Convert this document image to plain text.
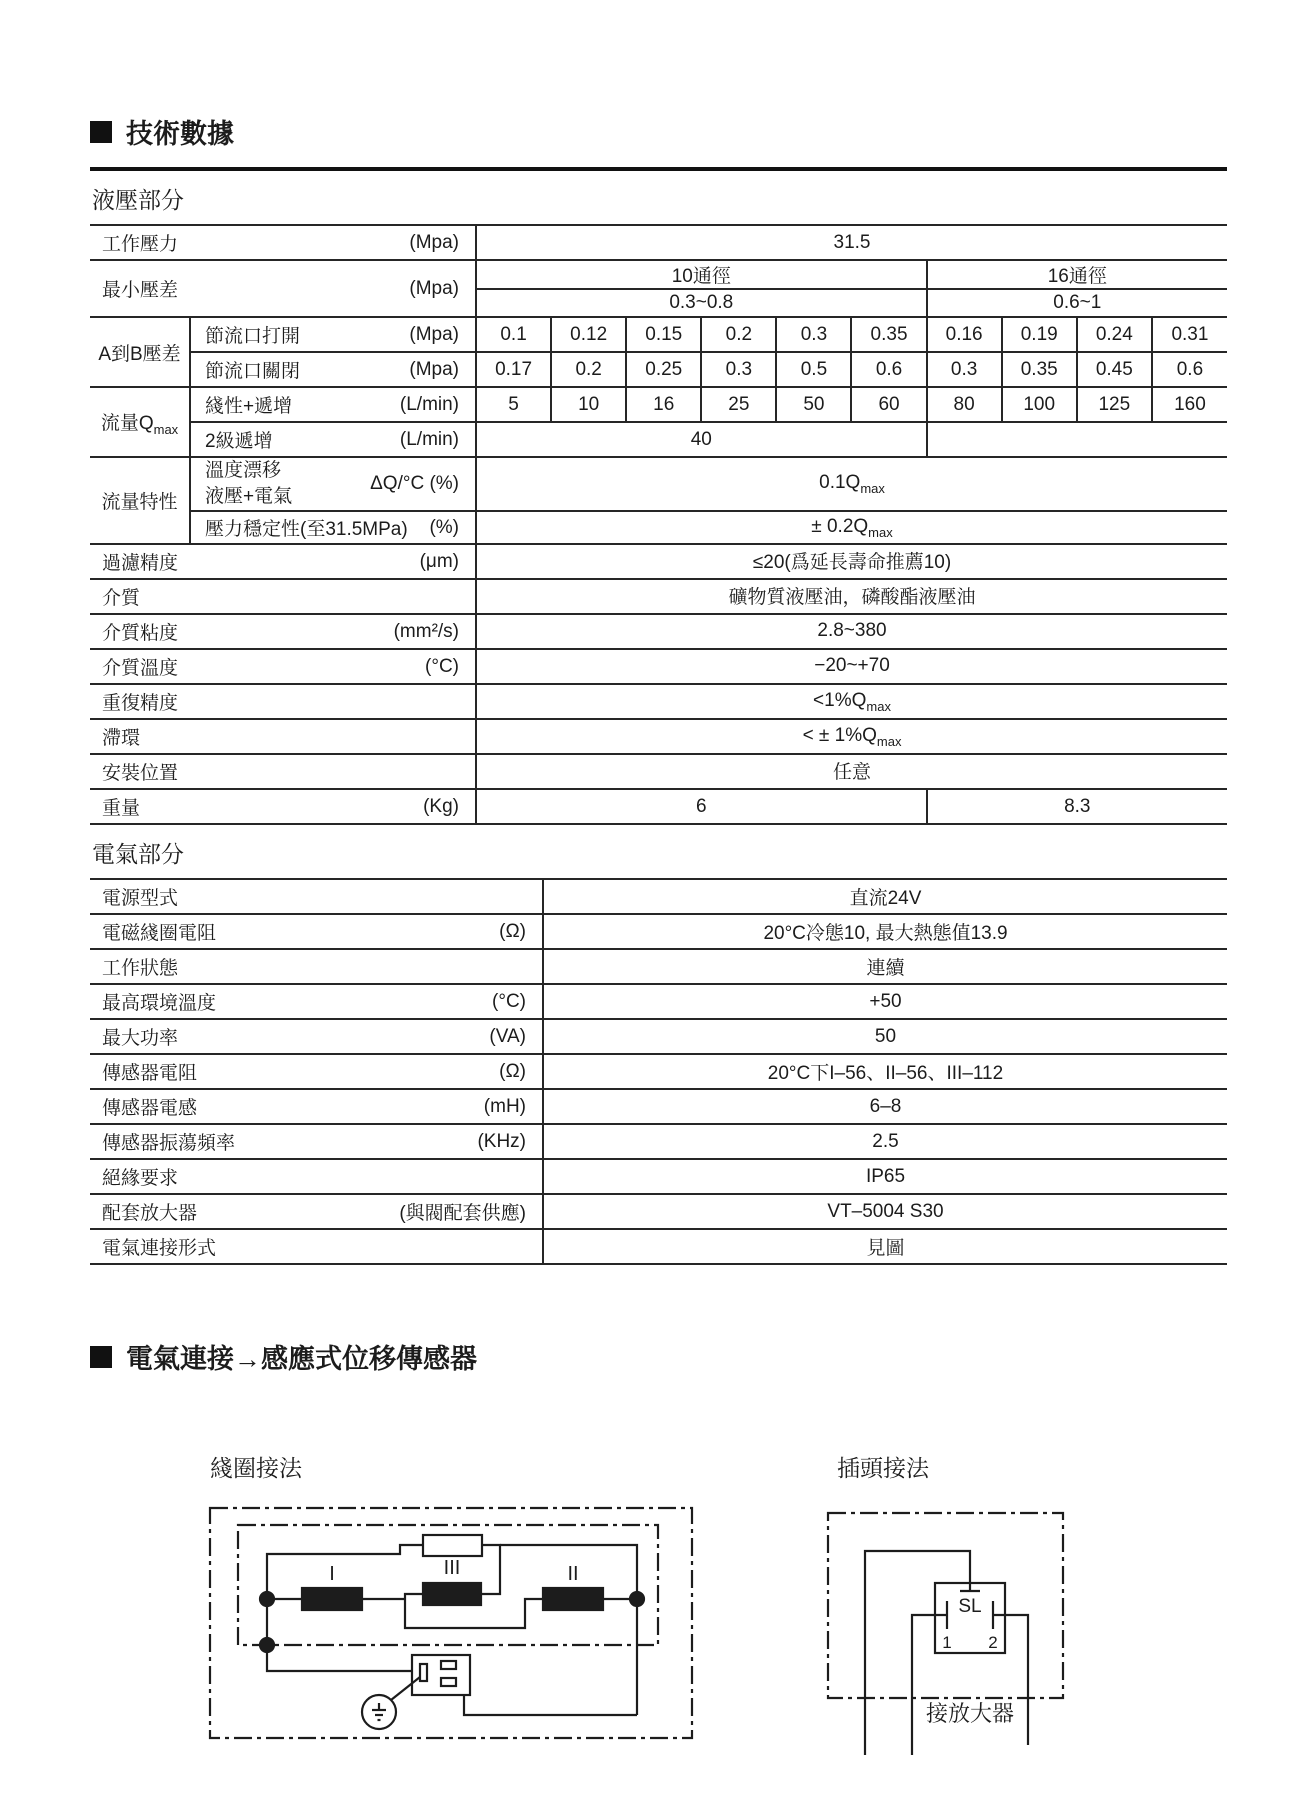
技術數據
液壓部分
工作壓力 (Mpa)		31.5									

最小壓差 (Mpa)		10通徑						16通徑			
		0.3~0.8						0.6~1			
A到B壓差	節流口打開 (Mpa)	0.1	0.12	0.15	0.2	0.3	0.35	0.16	0.19	0.24	0.31

	節流口關閉 (Mpa)	0.17	0.2	0.25	0.3	0.5	0.6	0.3	0.35	0.45	0.6
流量$Q_{max}$	綫性+遞增 (L/min)	5	10	16	25	50	60	80	100	125	160

	2級遞增 (L/min)	40									
流量特性	溫度漂移
液壓+電氣
ΔQ/°C (%)	$0.1Q_{max}$

	壓力穩定性(至31.5MPa) (%)	± $0.2Q_{max}$

過濾精度 (μm)		≤20(爲延長壽命推薦10)									

介質		礦物質液壓油，磷酸酯液壓油									

介質粘度 (mm²/s)		2.8~380									

介質溫度 (°C)		−20~+70									

重復精度		$<1\%Q_{max}$

滯環		< ± $1\%Q_{max}$

安裝位置		任意									

重量 (Kg)		6						8.3			
電氣部分
電源型式	直流24V

電磁綫圈電阻 (Ω)	20°C冷態10, 最大熱態值13.9

工作狀態	連續

最高環境溫度 (°C)	+50

最大功率 (VA)	50

傳感器電阻 (Ω)	20°C下I–56、II–56、III–112

傳感器電感 (mH)	6–8

傳感器振蕩頻率 (KHz)	2.5

絕緣要求	IP65

配套放大器 (與閥配套供應)	VT–5004 S30

電氣連接形式	見圖
電氣連接→感應式位移傳感器
綫圈接法
I	III	II
插頭接法
SL
1 2
接放大器
